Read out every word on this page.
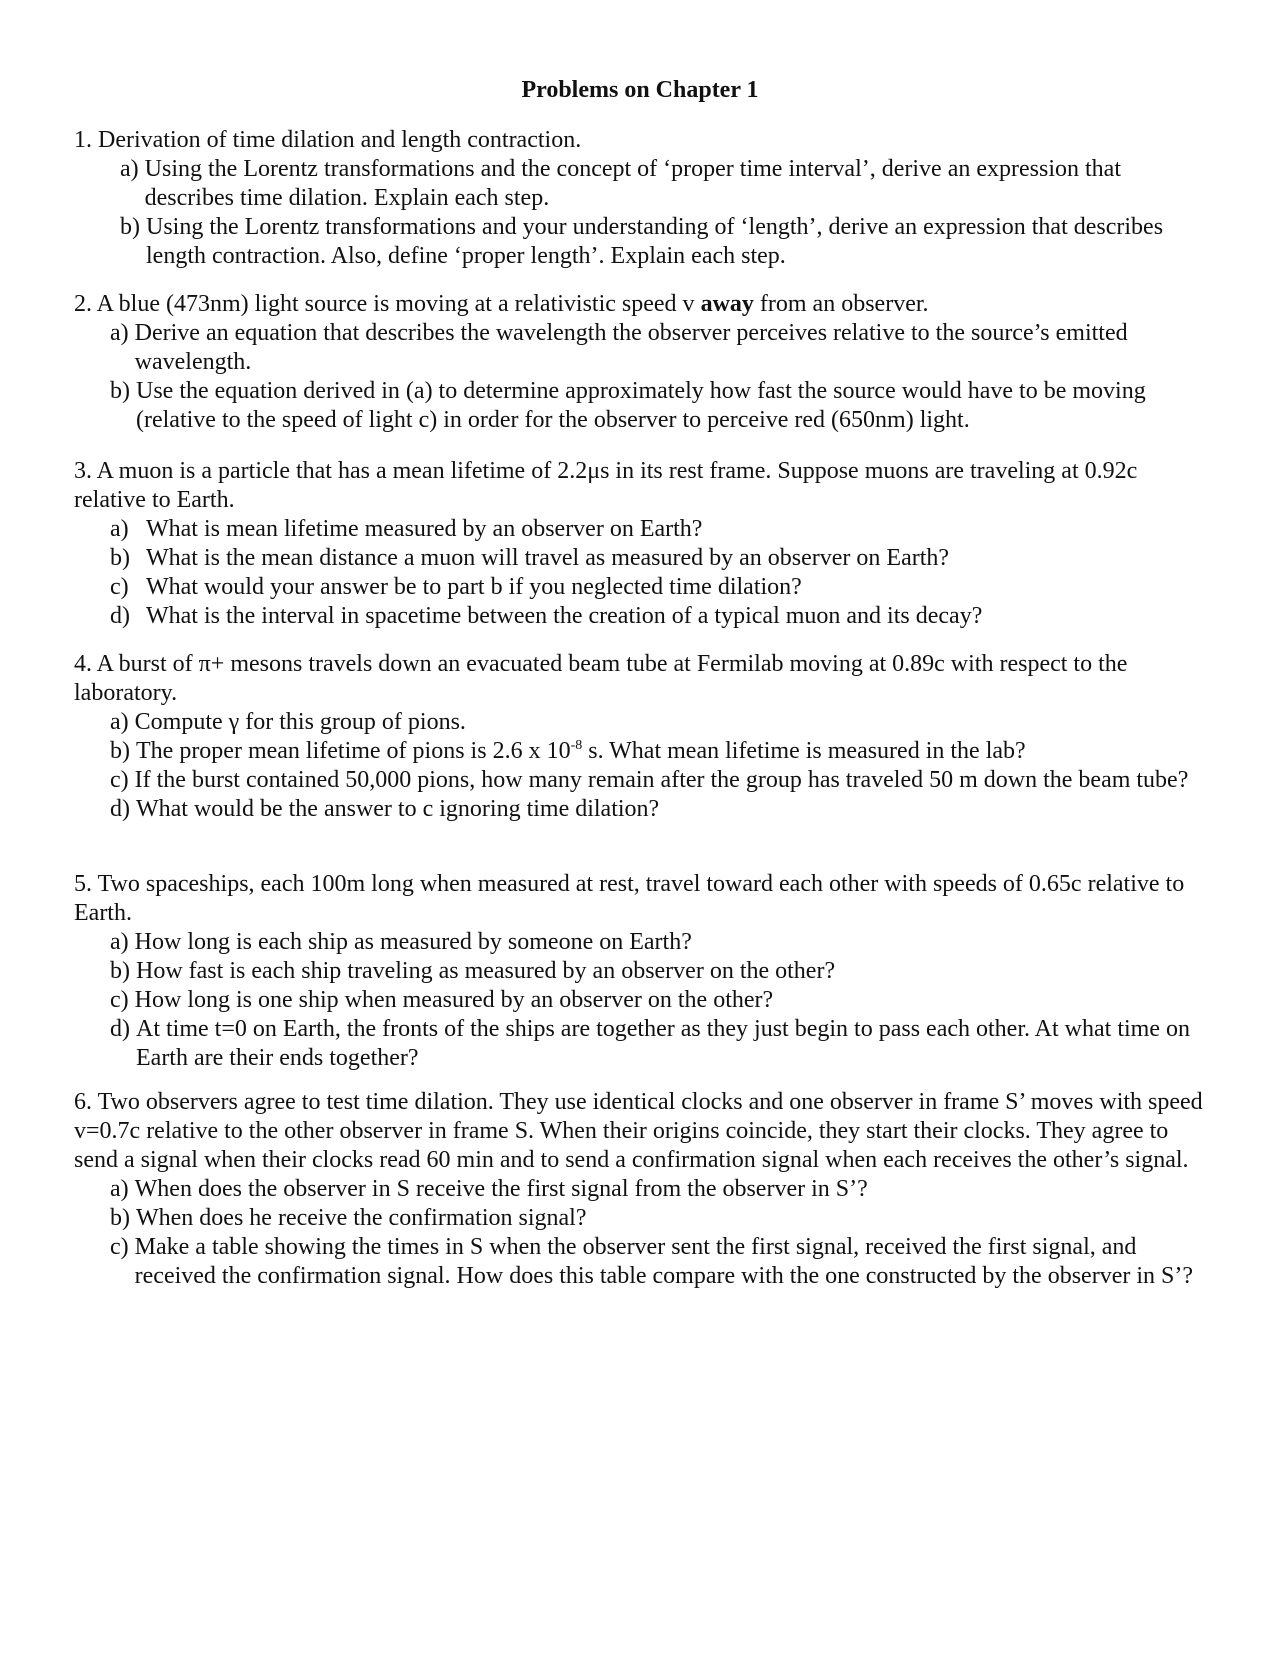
Problems on Chapter 1

1. Derivation of time dilation and length contraction.

a)
Using the Lorentz transformations and the concept of ‘proper time interval’, derive an expression that describes time dilation. Explain each step.
b)
Using the Lorentz transformations and your understanding of ‘length’, derive an expression that describes length contraction. Also, define ‘proper length’. Explain each step.

2. A blue (473nm) light source is moving at a relativistic speed v away from an observer.

a)
Derive an equation that describes the wavelength the observer perceives relative to the source’s emitted wavelength.
b)
Use the equation derived in (a) to determine approximately how fast the source would have to be moving (relative to the speed of light c) in order for the observer to perceive red (650nm) light.

3. A muon is a particle that has a mean lifetime of 2.2μs in its rest frame. Suppose muons are traveling at 0.92c relative to Earth.

a) What is mean lifetime measured by an observer on Earth?
b) What is the mean distance a muon will travel as measured by an observer on Earth?
c) What would your answer be to part b if you neglected time dilation?
d) What is the interval in spacetime between the creation of a typical muon and its decay?

4. A burst of π+ mesons travels down an evacuated beam tube at Fermilab moving at 0.89c with respect to the laboratory.

a)
Compute γ for this group of pions.
b)
The proper mean lifetime of pions is 2.6 x $10^{-8}$ s. What mean lifetime is measured in the lab?
c)
If the burst contained 50,000 pions, how many remain after the group has traveled 50 m down the beam tube?
d)
What would be the answer to c ignoring time dilation?

5. Two spaceships, each 100m long when measured at rest, travel toward each other with speeds of 0.65c relative to Earth.

a)
How long is each ship as measured by someone on Earth?
b)
How fast is each ship traveling as measured by an observer on the other?
c)
How long is one ship when measured by an observer on the other?
d)
At time t=0 on Earth, the fronts of the ships are together as they just begin to pass each other. At what time on Earth are their ends together?

6. Two observers agree to test time dilation. They use identical clocks and one observer in frame S’ moves with speed v=0.7c relative to the other observer in frame S. When their origins coincide, they start their clocks. They agree to send a signal when their clocks read 60 min and to send a confirmation signal when each receives the other’s signal.

a)
When does the observer in S receive the first signal from the observer in S’?
b)
When does he receive the confirmation signal?
c)
Make a table showing the times in S when the observer sent the first signal, received the first signal, and received the confirmation signal. How does this table compare with the one constructed by the observer in S’?
